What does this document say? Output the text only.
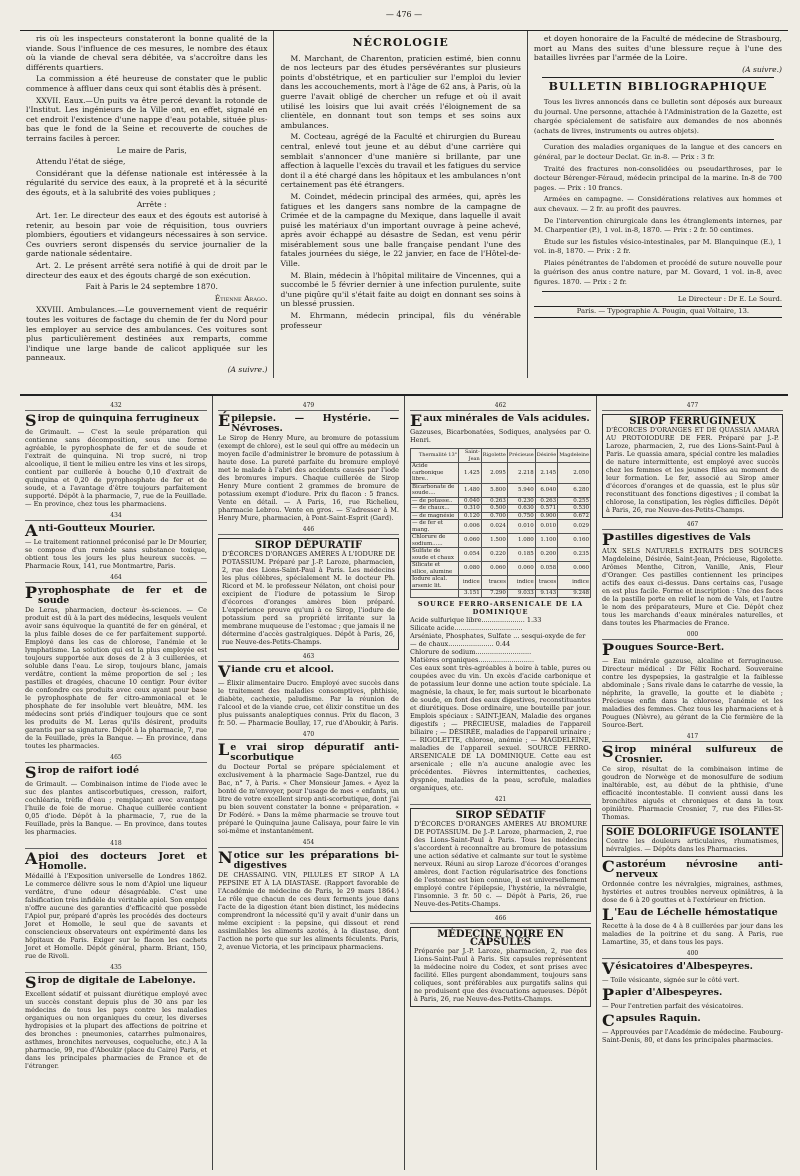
— 476 —

ris où les inspecteurs constateront la bonne qualité de la viande. Sous l'influence de ces mesures, le nombre des étaux où la viande de cheval sera débitée, va s'accroître dans les différents quartiers.

La commission a été heureuse de constater que le public commence à affluer dans ceux qui sont établis dès à présent.

XXVII. Eaux.—Un puits va être percé devant la rotonde de l'Institut. Les ingénieurs de la Ville ont, en effet, signalé en cet endroit l'existence d'une nappe d'eau potable, située plus-bas que le fond de la Seine et recouverte de couches de terrains faciles à percer.

Le maire de Paris,

Attendu l'état de siége,

Considérant que la défense nationale est intéressée à la régularité du service des eaux, à la propreté et à la sécurité des égouts, et à la salubrité des voies publiques ;

Arrête :

Art. 1er. Le directeur des eaux et des égouts est autorisé à retenir, au besoin par voie de réquisition, tous ouvriers plombiers, égoutiers et vidangeurs nécessaires à son service. Ces ouvriers seront dispensés du service journalier de la garde nationale sédentaire.

Art. 2. Le présent arrêté sera notifié à qui de droit par le directeur des eaux et des égouts chargé de son exécution.

Fait à Paris le 24 septembre 1870.

Étienne Arago.

XXVIII. Ambulances.—Le gouvernement vient de requérir toutes les voitures de factage du chemin de fer du Nord pour les employer au service des ambulances. Ces voitures sont plus particulièrement destinées aux remparts, comme l'indique une large bande de calicot appliquée sur les panneaux.

(A suivre.)

NÉCROLOGIE

M. Marchant, de Charenton, praticien estimé, bien connu de nos lecteurs par des études persévérantes sur plusieurs points d'obstétrique, et en particulier sur l'emploi du levier dans les accouchements, mort à l'âge de 62 ans, à Paris, où la guerre l'avait obligé de chercher un refuge et où il avait utilisé les loisirs que lui avait créés l'éloignement de sa clientèle, en donnant tout son temps et ses soins aux ambulances.

M. Cocteau, agrégé de la Faculté et chirurgien du Bureau central, enlevé tout jeune et au début d'une carrière qui semblait s'annoncer d'une manière si brillante, par une affection à laquelle l'excès du travail et les fatigues du service dont il a été chargé dans les hôpitaux et les ambulances n'ont certainement pas été étrangers.

M. Coindet, médecin principal des armées, qui, après les fatigues et les dangers sans nombre de la campagne de Crimée et de la campagne du Mexique, dans laquelle il avait puisé les matériaux d'un important ouvrage à peine achevé, après avoir échappé au désastre de Sedan, est venu périr misérablement sous une balle française pendant l'une des fatales journées du siége, le 22 janvier, en face de l'Hôtel-de-Ville.

M. Blain, médecin à l'hôpital militaire de Vincennes, qui a succombé le 5 février dernier à une infection purulente, suite d'une piqûre qu'il s'était faite au doigt en donnant ses soins à un blessé prussien.

M. Ehrmann, médecin principal, fils du vénérable professeur

et doyen honoraire de la Faculté de médecine de Strasbourg, mort au Mans des suites d'une blessure reçue à l'une des batailles livrées par l'armée de la Loire.

(A suivre.)

BULLETIN BIBLIOGRAPHIQUE

Tous les livres annoncés dans ce bulletin sont déposés aux bureaux du journal. Une personne, attachée à l'Administration de la Gazette, est chargée spécialement de satisfaire aux demandes de nos abonnés (achats de livres, instruments ou autres objets).

Curation des maladies organiques de la langue et des cancers en général, par le docteur Declat. Gr. in-8. — Prix : 3 fr.

Traité des fractures non-consolidées ou pseudarthroses, par le docteur Bérenger-Féraud, médecin principal de la marine. In-8 de 700 pages. — Prix : 10 francs.

Armées en campagne. — Considérations relatives aux hommes et aux chevaux. — 2 fr. au profit des pauvres.

De l'intervention chirurgicale dans les étranglements internes, par M. Charpentier (P.), 1 vol. in-8, 1870. — Prix : 2 fr. 50 centimes.

Étude sur les fistules vésico-intestinales, par M. Blanquinque (E.), 1 vol. in-8, 1870. — Prix : 2 fr.

Plaies pénétrantes de l'abdomen et procédé de suture nouvelle pour la guérison des anus contre nature, par M. Govard, 1 vol. in-8, avec figures. 1870. — Prix : 2 fr.

Le Directeur : Dr E. Le Sourd.

Paris. — Typographie A. Pougin, quai Voltaire, 13.

432
Sirop de quinquina ferrugineux
de Grimault. — C'est la seule préparation qui contienne sans décomposition, sous une forme agréable, le pyrophosphate de fer et de soude et l'extrait de quinquina. Ni trop sucré, ni trop alcoolique, il tient le milieu entre les vins et les sirops, contient par cuillerée à bouche 0,10 d'extrait de quinquina et 0,20 de pyrophosphate de fer et de soude, et a l'avantage d'être toujours parfaitement supporté. Dépôt à la pharmacie, 7, rue de la Feuillade. — En province, chez tous les pharmaciens.
434
Anti-Goutteux Mourier.
— Le traitement rationnel préconisé par le Dr Mourier, se compose d'un remède sans substance toxique, obtient tous les jours les plus heureux succès. — Pharmacie Roux, 141, rue Montmartre, Paris.
464
Pyrophosphate de fer et de soude
De Leras, pharmacien, docteur ès-sciences. — Ce produit est dû à la part des médecins, lesquels veulent avoir sans équivoque la quantité de fer en général, et la plus faible doses de ce fer parfaitement supporté. Employé dans les cas de chlorose, l'anémie et le lymphatisme. La solution qui est la plus employée est toujours supportée aux doses de 2 à 3 cuillerées, et soluble dans l'eau. Le sirop, toujours blanc, jamais verdâtre, contient la même proportion de sel ; les pastilles et dragées, chacune 10 centigr. Pour éviter de confondre ces produits avec ceux ayant pour base le pyrophosphate de fer citro-ammoniacal et le phosphate de fer insoluble vert bleuâtre, MM. les médecins sont priés d'indiquer toujours que ce sont les produits de M. Leras qu'ils désirent, produits garantis par sa signature. Dépôt à la pharmacie, 7, rue de la Feuillade, près la Banque. — En province, dans toutes les pharmacies.
465
Sirop de raifort iodé
de Grimault. — Combinaison intime de l'iode avec le suc des plantes antiscorbutiques, cresson, raifort, cochléaria, trèfle d'eau ; remplaçant avec avantage l'huile de foie de morue. Chaque cuillerée contient 0,05 d'iode. Dépôt à la pharmacie, 7, rue de la Feuillade, près la Banque. — En province, dans toutes les pharmacies.
418
Apioi des docteurs Joret et Homolle.
Médaillé à l'Exposition universelle de Londres 1862. Le commerce délivre sous le nom d'Apiol une liqueur verdâtre, d'une odeur désagréable. C'est une falsification très infidèle du véritable apiol. Son emploi n'offre aucune des garanties d'efficacité que possède l'Apiol pur, préparé d'après les procédés des docteurs Joret et Homolle, le seul que de savants et consciencieux observateurs ont expérimenté dans les hôpitaux de Paris. Exiger sur le flacon les cachets Joret et Homolle. Dépôt général, pharm. Briant, 150, rue de Rivoli.
435
Sirop de digitale de Labelonye.
Excellent sédatif et puissant diurétique employé avec un succès constant depuis plus de 30 ans par les médecins de tous les pays contre les maladies organiques ou non organiques du cœur, les diverses hydropisies et la plupart des affections de poitrine et des bronches : pneumonies, catarrhes pulmonaires, asthmes, bronchites nerveuses, coqueluche, etc.) A la pharmacie, 99, rue d'Aboukir (place du Caire) Paris, et dans les principales pharmacies de France et de l'étranger.
479
Épilepsie. — Hystérie. — Névroses.
Le Sirop de Henry Mure, au bromure de potassium (exempt de chlore), est le seul qui offre au médecin un moyen facile d'administrer le bromure de potassium à haute dose. La pureté parfaite du bromure employé met le malade à l'abri des accidents causés par l'iode des bromures impurs. Chaque cuillerée de Sirop Henry Mure contient 2 grammes de bromure de potassium exempt d'iodure. Prix du flacon : 5 francs. Vente en détail. — A Paris, 16, rue Richelieu, pharmacie Lebrou. Vente en gros. — S'adresser à M. Henry Mure, pharmacien, à Pont-Saint-Esprit (Gard).
446
SIROP DÉPURATIF
D'ÉCORCES D'ORANGES AMÈRES À L'IODURE DE POTASSIUM. Préparé par J.-P. Laroze, pharmacien, 2, rue des Lions-Saint-Paul à Paris. Les médecins les plus célèbres, spécialement M. le docteur Ph. Ricord et M. le professeur Nélaton, ont choisi pour excipient de l'iodure de potassium le Sirop d'écorces d'oranges amères bien préparé. L'expérience prouve qu'uni à ce Sirop, l'iodure de potassium perd sa propriété irritante sur la membrane muqueuse de l'estomac ; que jamais il ne détermine d'accès gastralgiques. Dépôt à Paris, 26, rue Neuve-des-Petits-Champs.
463
Viande cru et alcool.
— Élixir alimentaire Ducro. Employé avec succès dans le traitement des maladies consomptives, phthisie, diabète, cachexie, paludisme. Par la réunion de l'alcool et de la viande crue, cet élixir constitue un des plus puissants analeptiques connus. Prix du flacon, 3 fr. 50. — Pharmacie Boullay, 17, rue d'Aboukir, à Paris.
470
Le vrai sirop dépuratif anti-scorbutique
du Docteur Portal se prépare spécialement et exclusivement à la pharmacie Sage-Dantzel, rue du Bac, n° 7, à Paris. « Cher Monsieur James. « Ayez la bonté de m'envoyer, pour l'usage de mes « enfants, un litre de votre excellent sirop anti-scorbutique, dont j'ai pu bien souvent constater la bonne « préparation. « Dr Fodéré. » Dans la même pharmacie se trouve tout préparé le Quinquina jaune Calisaya, pour faire le vin soi-même et instantanément.
454
Notice sur les préparations bi-digestives
DE CHASSAING. VIN, PILULES ET SIROP À LA PEPSINE ET À LA DIASTASE. (Rapport favorable de l'Académie de médecine de Paris, le 29 mars 1864.) Le rôle que chacun de ces deux ferments joue dans l'acte de la digestion étant bien distinct, les médecins comprendront la nécessité qu'il y avait d'unir dans un même excipient : la pepsine, qui dissout et rend assimilables les aliments azotés, à la diastase, dont l'action ne porte que sur les aliments féculents. Paris, 2, avenue Victoria, et les principaux pharmaciens.
462
Eaux minérales de Vals acidules.
Gazeuses, Bicarbonatées, Sodiques, analysées par O. Henri.
Thermalité 13°	Saint-Jean	Rigolette	Précieuse	Désirée	Magdeleine
Acide carbonique libre..	1.425	2.095	2.218	2.145	2.050
Bicarbonate de soude....	1.480	5.800	5.940	6.040	6.280
— de potasse..	0.040	0.263	0.230	0.263	0.255
— de chaux...	0.310	0.500	0.630	0.571	0.530
— de magnésie	0.120	0.700	0.750	0.900	0.672
— de fer et mang.	0.006	0.024	0.010	0.010	0.029
Chlorure de sodium......	0.060	1.500	1.080	1.100	0.160
Sulfate de soude et chaux	0.054	0.220	0.185	0.200	0.235
Silicate et silice, alumine	0.080	0.060	0.060	0.058	0.060
Iodure alcal. arsenic lit.	indice	traces	indice	traces	indice
	3.151	7.290	9.033	9.143	9.248
SOURCE FERRO-ARSENICALE DE LA DOMINIQUE
Acide sulfurique libre..................... 1.33
Silicate acide.................................
Arséniate, Phosphates, Sulfate ... sesqui-oxyde de fer
— de chaux...................... 0.44
Chlorure de sodium...........................
Matières organiques...........................
Ces eaux sont très-agréables à boire à table, pures ou coupées avec du vin. Un excès d'acide carbonique et de potassium leur donne une action toute spéciale. La magnésie, la chaux, le fer, mais surtout le bicarbonate de soude, en font des eaux digestives, reconstituantes et diurétiques. Dose ordinaire, une bouteille par jour. Emplois spéciaux : SAINT-JEAN, Maladie des organes digestifs ; — PRÉCIEUSE, maladies de l'appareil biliaire ; — DÉSIRÉE, maladies de l'appareil urinaire ; — RIGOLETTE, chlorose, anémie ; — MAGDELEINE, maladies de l'appareil sexuel. SOURCE FERRO-ARSENICALE DE LA DOMINIQUE. Cette eau est arsenicale ; elle n'a aucune analogie avec les précédentes. Fièvres intermittentes, cachexies, dyspnée, maladies de la peau, scrofule, maladies organiques, etc.
421
SIROP SÉDATIF
D'ÉCORCES D'ORANGES AMÈRES AU BROMURE DE POTASSIUM. De J.-P. Laroze, pharmacien, 2, rue des Lions-Saint-Paul à Paris. Tous les médecins s'accordent à reconnaître au bromure de potassium une action sédative et calmante sur tout le système nerveux. Réuni au sirop Laroze d'écorces d'oranges amères, dont l'action régularisatrice des fonctions de l'estomac est bien connue, il est universellement employé contre l'épilepsie, l'hystérie, la névralgie, l'insomnie. 3 fr. 50 c. — Dépôt à Paris, 26, rue Neuve-des-Petits-Champs.
466
MÉDECINE NOIRE EN CAPSULES
Préparée par J.-P. Laroze, pharmacien, 2, rue des Lions-Saint-Paul à Paris. Six capsules représentent la médecine noire du Codex, et sont prises avec facilité. Elles purgent abondamment, toujours sans coliques, sont préférables aux purgatifs salins qui ne produisent que des évacuations aqueuses. Dépôt à Paris, 26, rue Neuve-des-Petits-Champs.
477
SIROP FERRUGINEUX
D'ÉCORCES D'ORANGES ET DE QUASSIA AMARA AU PROTOIODURE DE FER. Préparé par J.-P. Laroze, pharmacien, 2, rue des Lions-Saint-Paul à Paris. Le quassia amara, spécial contre les maladies de nature intermittente, est employé avec succès chez les femmes et les jeunes filles au moment de leur formation. Le fer, associé au Sirop amer d'écorces d'oranges et de quassia, est le plus sûr reconstituant des fonctions digestives ; il combat la chlorose, la constipation, les règles difficiles. Dépôt à Paris, 26, rue Neuve-des-Petits-Champs.
467
Pastilles digestives de Vals
AUX SELS NATURELS EXTRAITS DES SOURCES Magdeleine, Désirée, Saint-Jean, Précieuse, Rigolette. Arômes Menthe, Citron, Vanille, Anis, Fleur d'Oranger. Ces pastilles contiennent les principes actifs des eaux ci-dessus. Dans certains cas, l'usage en est plus facile. Forme et inscription : Une des faces de la pastille porte en relief le nom de Vals, et l'autre le nom des préparateurs, Mure et Cie. Dépôt chez tous les marchands d'eaux minérales naturelles, et dans toutes les Pharmacies de France.
000
Pougues Source-Bert.
— Eau minérale gazeuse, alcaline et ferrugineuse. Directeur médical : Dr Félix Rochard. Souveraine contre les dyspepsies, la gastralgie et la faiblesse abdominale ; Sans rivale dans le catarrhe de vessie, la néphrite, la gravelle, la goutte et le diabète ; Précieuse enfin dans la chlorose, l'anémie et les maladies des femmes. Chez tous les pharmaciens et à Pougues (Nièvre), au gérant de la Cie fermière de la Source-Bert.
417
Sirop minéral sulfureux de Crosnier.
Ce sirop, résultat de la combinaison intime de goudron de Norwège et de monosulfure de sodium inaltérable, est, au début de la phthisie, d'une efficacité incontestable. Il convient aussi dans les bronchites aiguës et chroniques et dans la toux opiniâtre. Pharmacie Crosnier, 7, rue des Filles-St-Thomas.
SOIE DOLORIFUGE ISOLANTE
Contre les douleurs articulaires, rhumatismes, névralgies. — Dépôts dans les Pharmacies.
Castoréum névrosine anti-nerveux
Ordonnée contre les névralgies, migraines, asthmes, hystéries et autres troubles nerveux opiniâtres, à la dose de 6 à 20 gouttes et à l'extérieur en friction.
L 'Eau de Léchelle hémostatique
Recette à la dose de 4 à 8 cuillerées par jour dans les maladies de la poitrine et du sang. A Paris, rue Lamartine, 35, et dans tous les pays.
400
Vésicatoires d'Albespeyres.
— Toile vésicante, signée sur le côté vert.
Papier d'Albespeyres.
— Pour l'entretien parfait des vésicatoires.
Capsules Raquin.
— Approuvées par l'Académie de médecine. Faubourg-Saint-Denis, 80, et dans les principales pharmacies.
